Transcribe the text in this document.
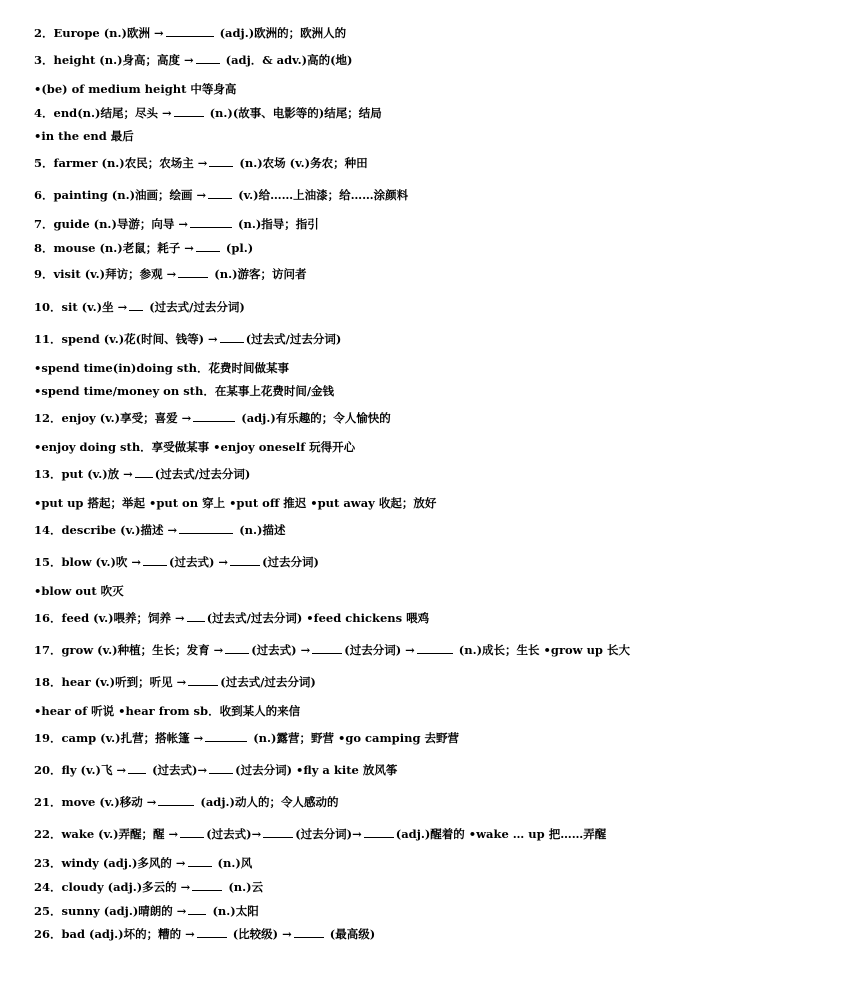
2．Europe (n.)欧洲 →	(adj.)欧洲的；欧洲人的
3．height (n.)身高；高度 → (adj．& adv.)高的(地)
•(be) of medium height 中等身高
4．end(n.)结尾；尽头 →	(n.)(故事、电影等的)结尾；结局
•in the end 最后
5．farmer (n.)农民；农场主 → (n.)农场 (v.)务农；种田
6．painting (n.)油画；绘画 → (v.)给……上油漆；给……涂颜料
7．guide (n.)导游；向导 →	(n.)指导；指引
8．mouse (n.)老鼠；耗子 → (pl.)
9．visit (v.)拜访；参观 →	(n.)游客；访问者
10．sit (v.)坐 → (过去式/过去分词)
11．spend (v.)花(时间、钱等) → (过去式/过去分词)
•spend time(in)doing sth．花费时间做某事
•spend time/money on sth．在某事上花费时间/金钱
12．enjoy (v.)享受；喜爱 →	(adj.)有乐趣的；令人愉快的
•enjoy doing sth．享受做某事 •enjoy oneself 玩得开心
13．put (v.)放 → (过去式/过去分词)
•put up 搭起；举起 •put on 穿上 •put off 推迟 •put away 收起；放好
14．describe (v.)描述 →	(n.)描述
15．blow (v.)吹 → (过去式) →	(过去分词)
•blow out 吹灭
16．feed (v.)喂养；饲养 → (过去式/过去分词) •feed chickens 喂鸡
17．grow (v.)种植；生长；发育 → (过去式) →	(过去分词) →	(n.)成长；生长 •grow up 长大
18．hear (v.)听到；听见 →	(过去式/过去分词)
•hear of 听说 •hear from sb．收到某人的来信
19．camp (v.)扎营；搭帐篷 →	(n.)露营；野营 •go camping 去野营
20．fly (v.)飞 → (过去式)→ (过去分词) •fly a kite 放风筝
21．move (v.)移动 →	(adj.)动人的；令人感动的
22．wake (v.)弄醒；醒 → (过去式)→	(过去分词)→	(adj.)醒着的 •wake … up 把……弄醒
23．windy (adj.)多风的 → (n.)风
24．cloudy (adj.)多云的 →	(n.)云
25．sunny (adj.)晴朗的 → (n.)太阳
26．bad (adj.)坏的；糟的 →	(比较级) →	(最高级)
